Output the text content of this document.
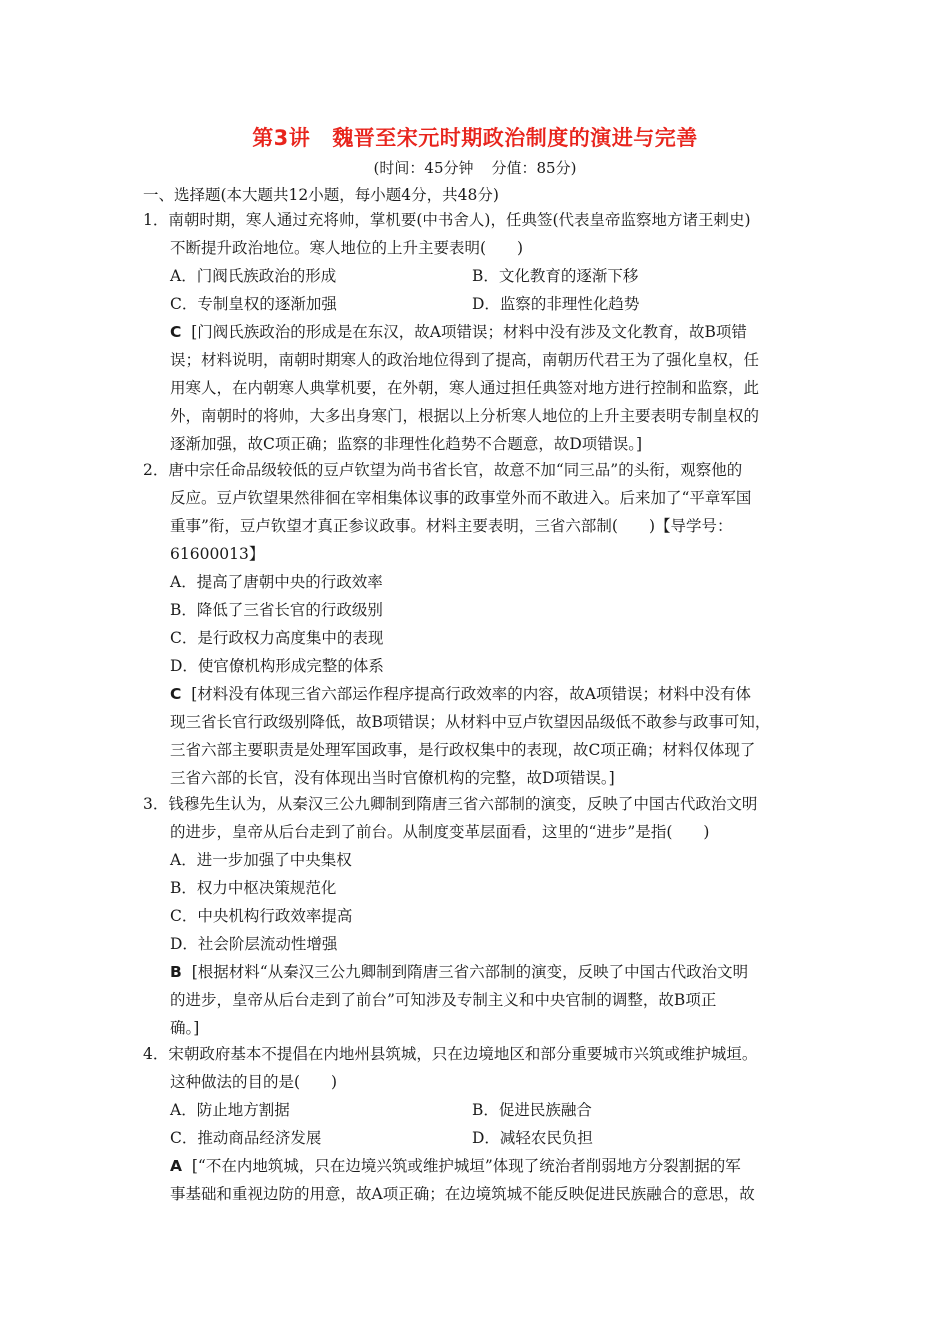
第3讲 魏晋至宋元时期政治制度的演进与完善
(时间：45分钟 分值：85分)
一、选择题(本大题共12小题，每小题4分，共48分)
1．南朝时期，寒人通过充将帅，掌机要(中书舍人)，任典签(代表皇帝监察地方诸王剌史)
不断提升政治地位。寒人地位的上升主要表明(　　)
A．门阀氏族政治的形成	B．文化教育的逐渐下移
C．专制皇权的逐渐加强	D．监察的非理性化趋势
C [门阀氏族政治的形成是在东汉，故A项错误；材料中没有涉及文化教育，故B项错
误；材料说明，南朝时期寒人的政治地位得到了提高，南朝历代君王为了强化皇权，任
用寒人，在内朝寒人典掌机要，在外朝，寒人通过担任典签对地方进行控制和监察，此
外，南朝时的将帅，大多出身寒门，根据以上分析寒人地位的上升主要表明专制皇权的
逐渐加强，故C项正确；监察的非理性化趋势不合题意，故D项错误。]
2．唐中宗任命品级较低的豆卢钦望为尚书省长官，故意不加“同三品”的头衔，观察他的
反应。豆卢钦望果然徘徊在宰相集体议事的政事堂外而不敢进入。后来加了“平章军国
重事”衔，豆卢钦望才真正参议政事。材料主要表明，三省六部制(　　)【导学号：
61600013】
A．提高了唐朝中央的行政效率
B．降低了三省长官的行政级别
C．是行政权力高度集中的表现
D．使官僚机构形成完整的体系
C [材料没有体现三省六部运作程序提高行政效率的内容，故A项错误；材料中没有体
现三省长官行政级别降低，故B项错误；从材料中豆卢钦望因品级低不敢参与政事可知，
三省六部主要职责是处理军国政事，是行政权集中的表现，故C项正确；材料仅体现了
三省六部的长官，没有体现出当时官僚机构的完整，故D项错误。]
3．钱穆先生认为，从秦汉三公九卿制到隋唐三省六部制的演变，反映了中国古代政治文明
的进步，皇帝从后台走到了前台。从制度变革层面看，这里的“进步”是指(　　)
A．进一步加强了中央集权
B．权力中枢决策规范化
C．中央机构行政效率提高
D．社会阶层流动性增强
B [根据材料“从秦汉三公九卿制到隋唐三省六部制的演变，反映了中国古代政治文明
的进步，皇帝从后台走到了前台”可知涉及专制主义和中央官制的调整，故B项正
确。]
4．宋朝政府基本不提倡在内地州县筑城，只在边境地区和部分重要城市兴筑或维护城垣。
这种做法的目的是(　　)
A．防止地方割据	B．促进民族融合
C．推动商品经济发展	D．减轻农民负担
A [“不在内地筑城，只在边境兴筑或维护城垣”体现了统治者削弱地方分裂割据的军
事基础和重视边防的用意，故A项正确；在边境筑城不能反映促进民族融合的意思，故
